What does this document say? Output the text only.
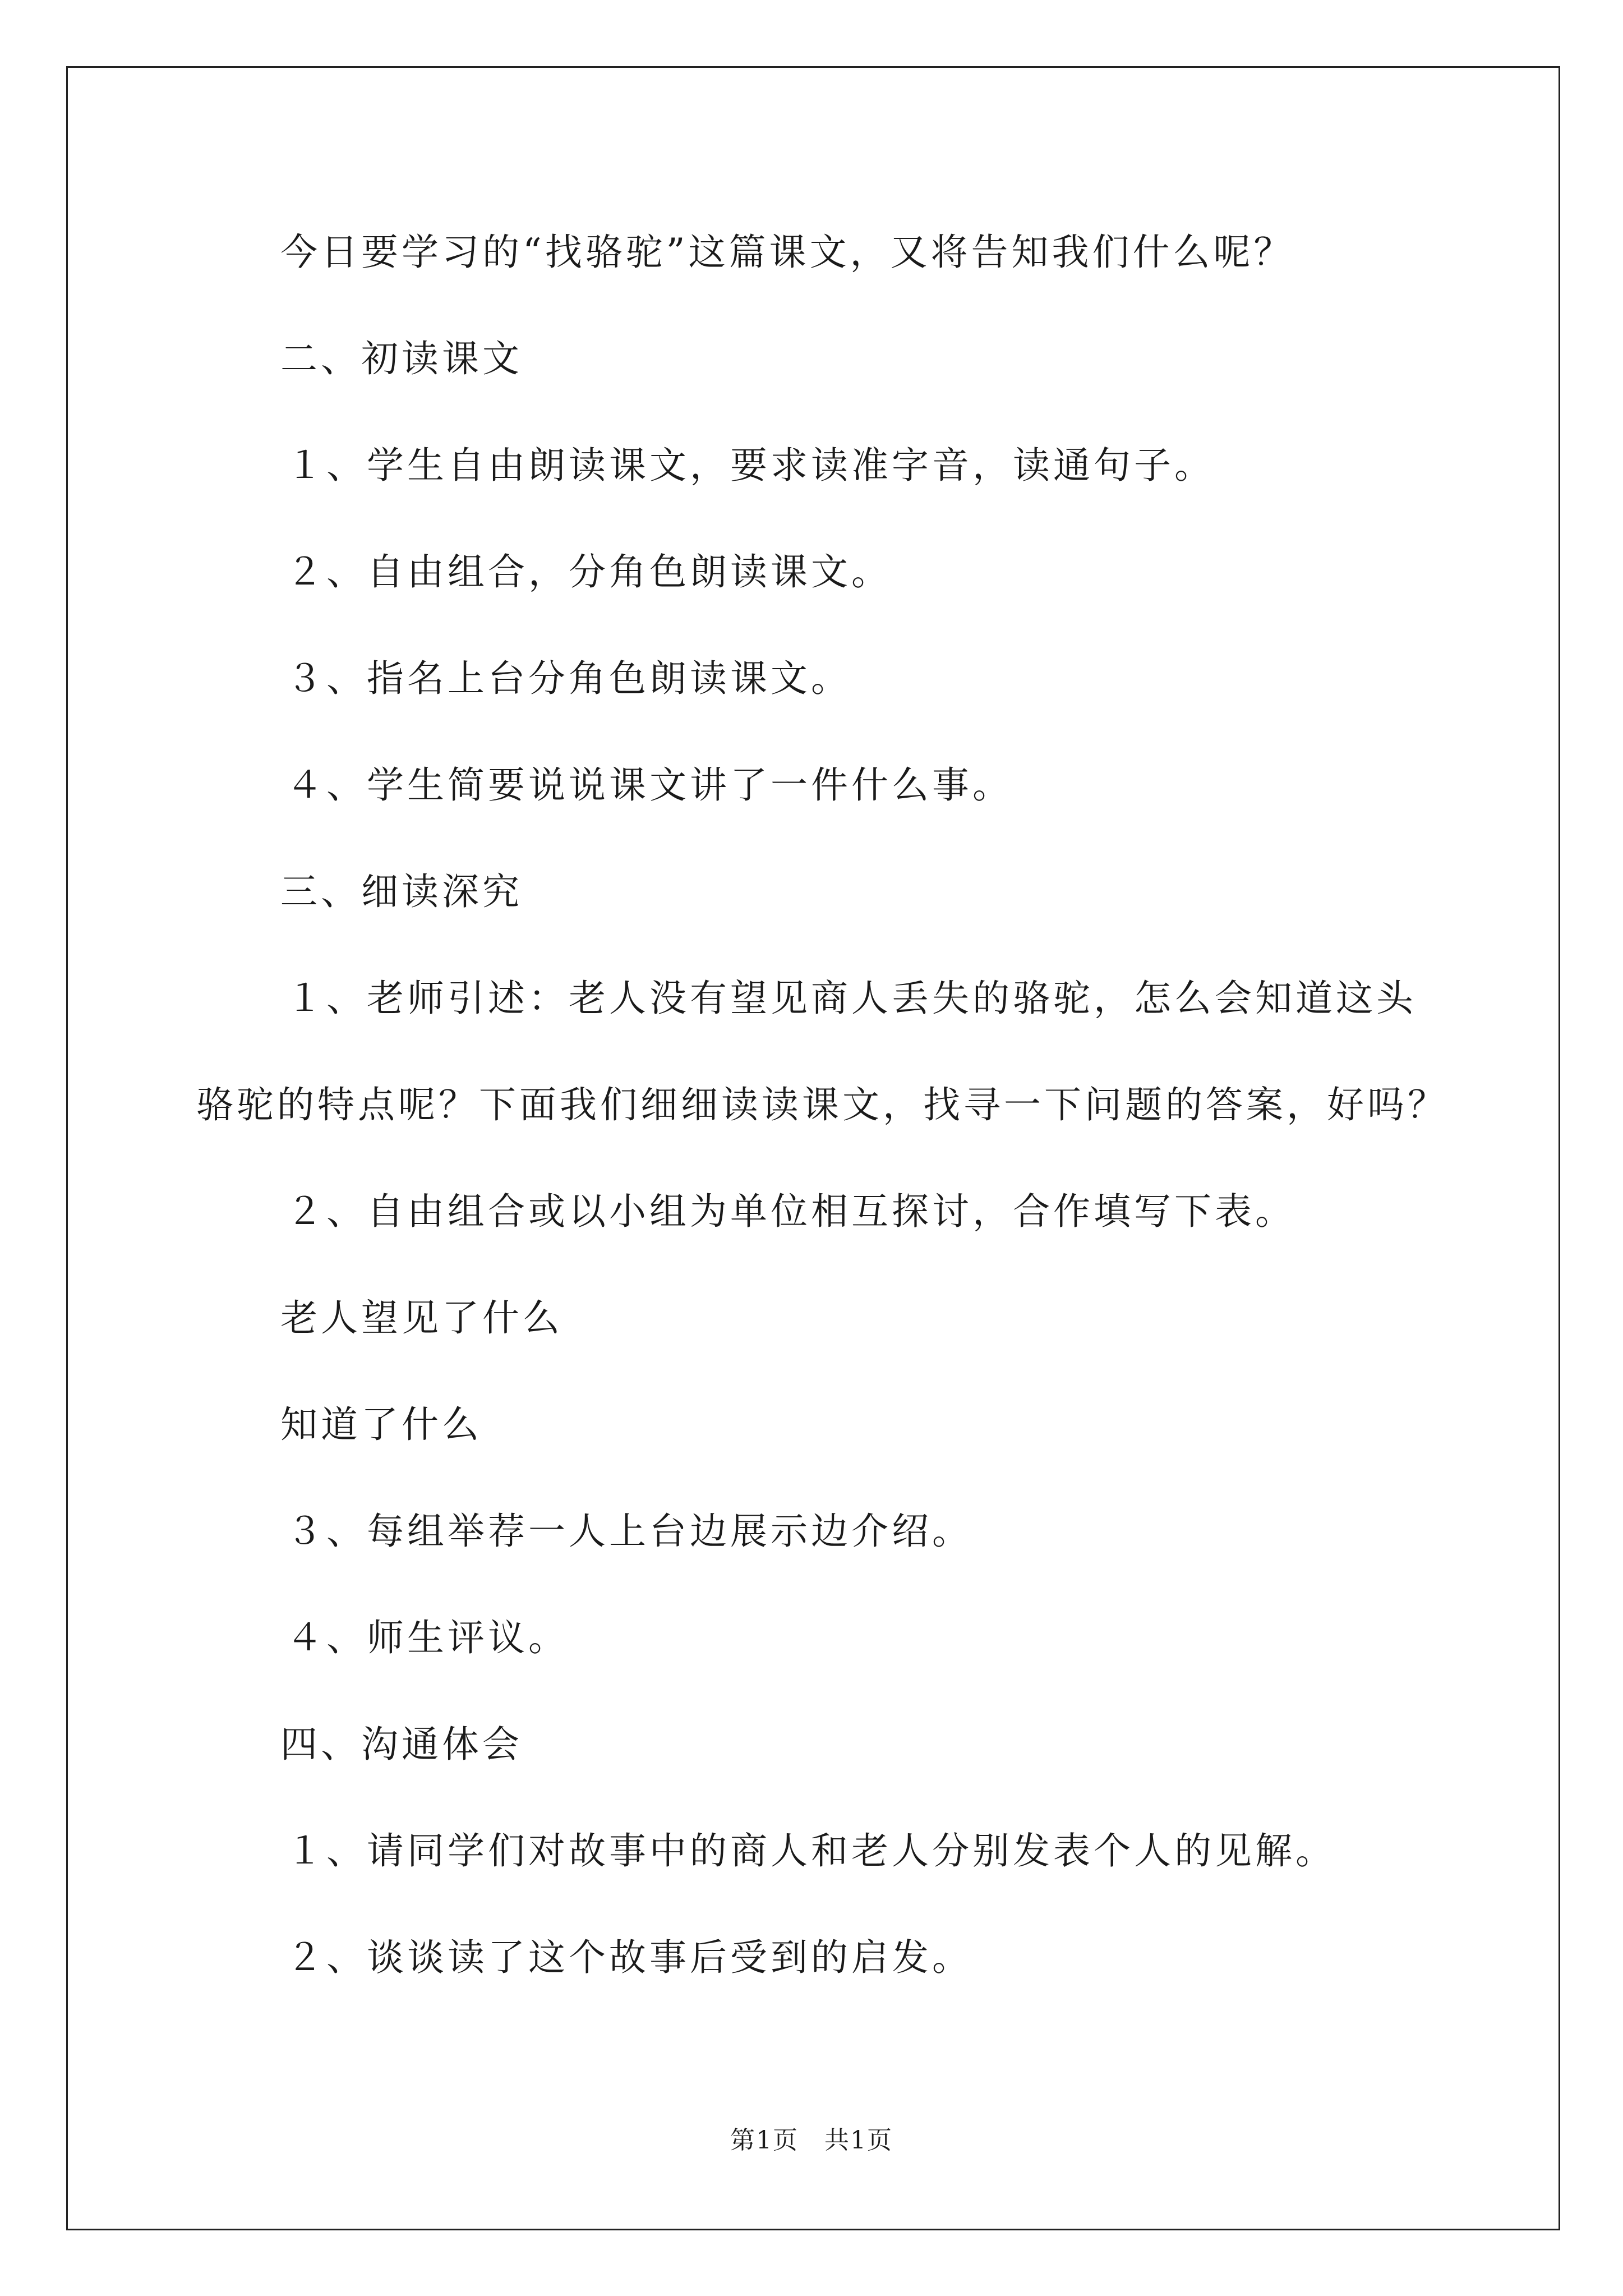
今日要学习的“找骆驼”这篇课文，又将告知我们什么呢？
二、初读课文
１、学生自由朗读课文，要求读准字音，读通句子。
２、自由组合，分角色朗读课文。
３、指名上台分角色朗读课文。
４、学生简要说说课文讲了一件什么事。
三、细读深究
１、老师引述：老人没有望见商人丢失的骆驼，怎么会知道这头
骆驼的特点呢？下面我们细细读读课文，找寻一下问题的答案，好吗？
２、自由组合或以小组为单位相互探讨，合作填写下表。
老人望见了什么
知道了什么
３、每组举荐一人上台边展示边介绍。
４、师生评议。
四、沟通体会
１、请同学们对故事中的商人和老人分别发表个人的见解。
２、谈谈读了这个故事后受到的启发。
第1页　共1页
